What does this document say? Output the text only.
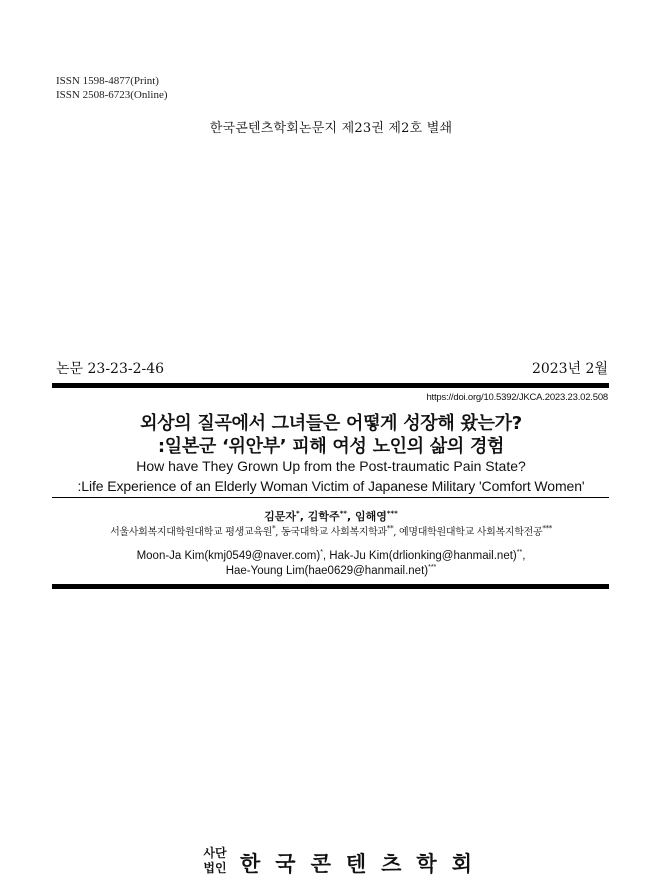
ISSN 1598-4877(Print)
ISSN 2508-6723(Online)
한국콘텐츠학회논문지 제23권 제2호 별쇄
논문 23-23-2-46	2023년 2월
https://doi.org/10.5392/JKCA.2023.23.02.508
외상의 질곡에서 그녀들은 어떻게 성장해 왔는가?
:일본군 ‘위안부’ 피해 여성 노인의 삶의 경험
How have They Grown Up from the Post-traumatic Pain State?
:Life Experience of an Elderly Woman Victim of Japanese Military 'Comfort Women'
김문자*, 김학주**, 임해영***
서울사회복지대학원대학교 평생교육원*, 동국대학교 사회복지학과**, 예명대학원대학교 사회복지학전공***
Moon-Ja Kim(kmj0549@naver.com)*, Hak-Ju Kim(drlionking@hanmail.net)**,
Hae-Young Lim(hae0629@hanmail.net)***
사단
법인 한국콘텐츠학회
